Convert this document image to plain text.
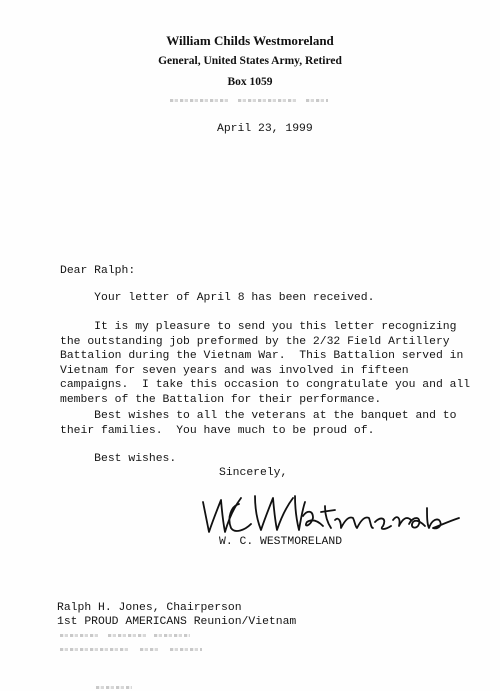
William Childs Westmoreland
General, United States Army, Retired
Box 1059
April 23, 1999
Dear Ralph:
Your letter of April 8 has been received.
It is my pleasure to send you this letter recognizing
the outstanding job preformed by the 2/32 Field Artillery
Battalion during the Vietnam War.  This Battalion served in
Vietnam for seven years and was involved in fifteen
campaigns.  I take this occasion to congratulate you and all
members of the Battalion for their performance.
Best wishes to all the veterans at the banquet and to
their families.  You have much to be proud of.
Best wishes.
Sincerely,
W. C. WESTMORELAND
Ralph H. Jones, Chairperson
1st PROUD AMERICANS Reunion/Vietnam
